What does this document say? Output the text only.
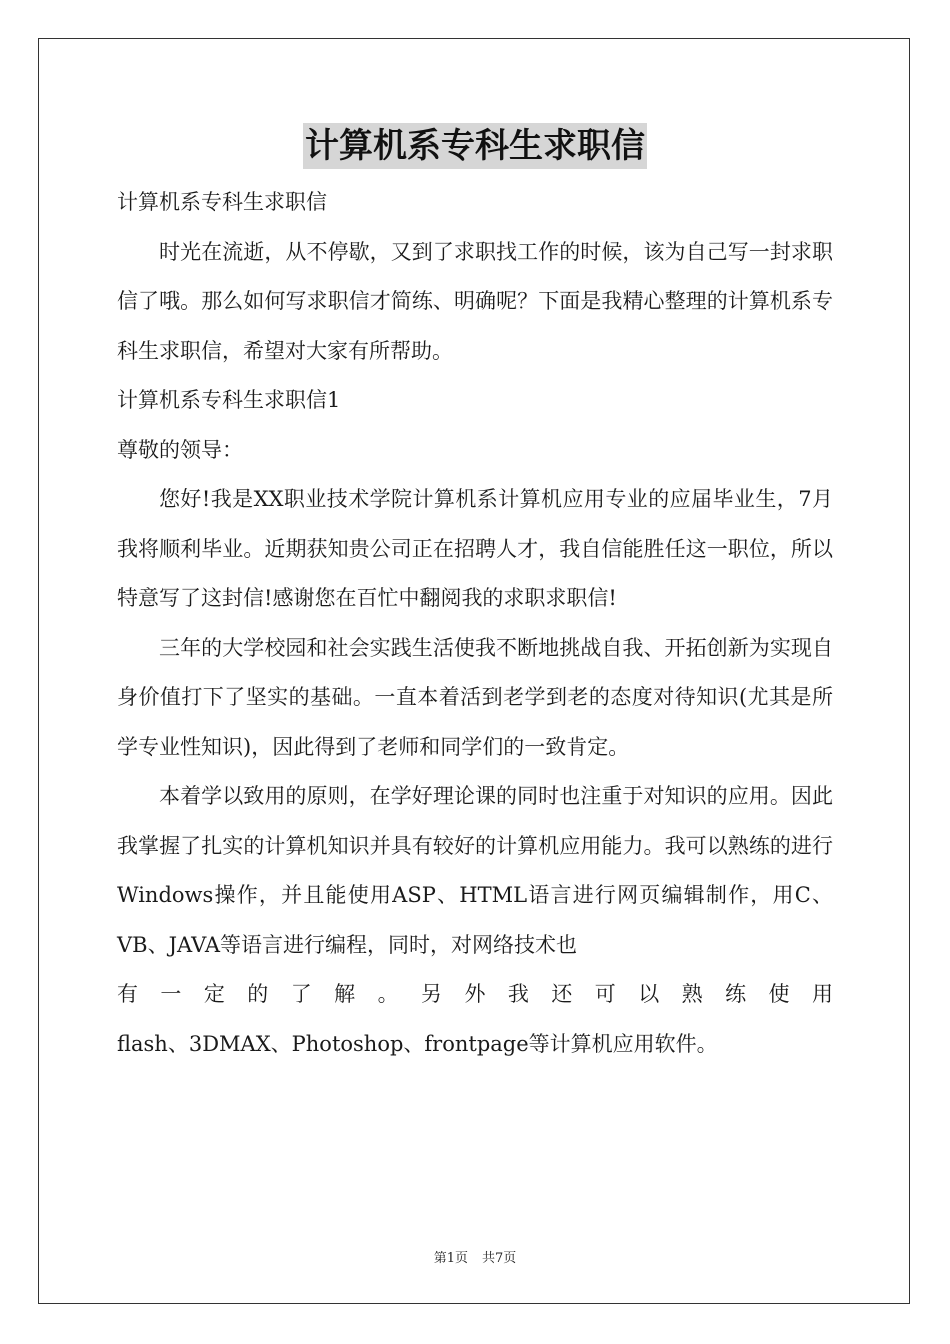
计算机系专科生求职信

计算机系专科生求职信

时光在流逝，从不停歇，又到了求职找工作的时候，该为自己写一封求职信了哦。那么如何写求职信才简练、明确呢？下面是我精心整理的计算机系专科生求职信，希望对大家有所帮助。

计算机系专科生求职信1

尊敬的领导：

您好!我是XX职业技术学院计算机系计算机应用专业的应届毕业生，7月我将顺利毕业。近期获知贵公司正在招聘人才，我自信能胜任这一职位，所以特意写了这封信!感谢您在百忙中翻阅我的求职求职信!

三年的大学校园和社会实践生活使我不断地挑战自我、开拓创新为实现自身价值打下了坚实的基础。一直本着活到老学到老的态度对待知识(尤其是所学专业性知识)，因此得到了老师和同学们的一致肯定。

本着学以致用的原则，在学好理论课的同时也注重于对知识的应用。因此我掌握了扎实的计算机知识并具有较好的计算机应用能力。我可以熟练的进行Windows操作，并且能使用ASP、HTML语言进行网页编辑制作，用C、VB、JAVA等语言进行编程，同时，对网络技术也

有一定的了解。另外我还可以熟练使用

flash、3DMAX、Photoshop、frontpage等计算机应用软件。

第1页 共7页
